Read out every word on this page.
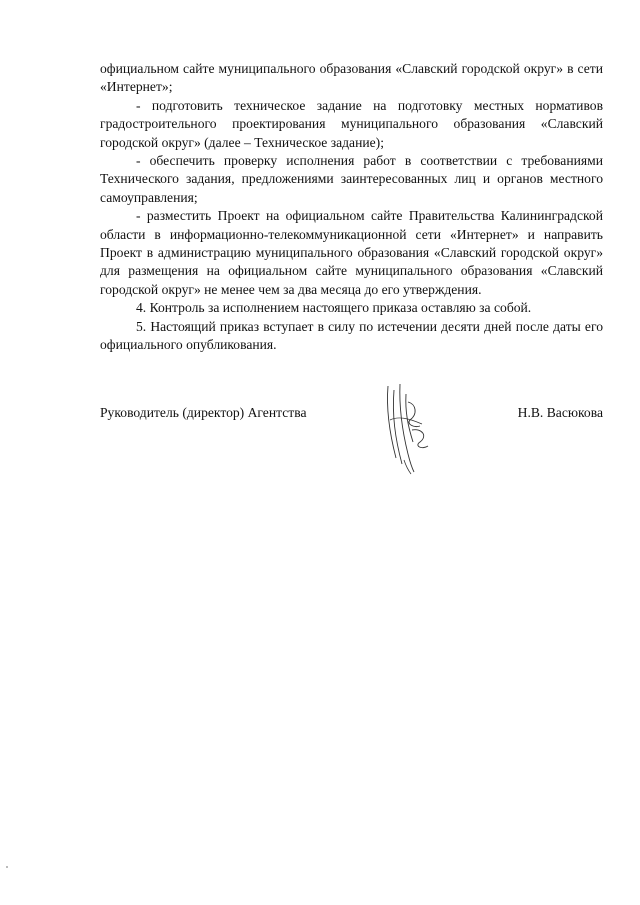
официальном сайте муниципального образования «Славский городской округ» в сети «Интернет»;

- подготовить техническое задание на подготовку местных нормативов градостроительного проектирования муниципального образования «Славский городской округ» (далее – Техническое задание);

- обеспечить проверку исполнения работ в соответствии с требованиями Технического задания, предложениями заинтересованных лиц и органов местного самоуправления;

- разместить Проект на официальном сайте Правительства Калининградской области в информационно-телекоммуникационной сети «Интернет» и направить Проект в администрацию муниципального образования «Славский городской округ» для размещения на официальном сайте муниципального образования «Славский городской округ» не менее чем за два месяца до его утверждения.

4. Контроль за исполнением настоящего приказа оставляю за собой.

5. Настоящий приказ вступает в силу по истечении десяти дней после даты его официального опубликования.

Руководитель (директор) Агентства	Н.В. Васюкова
